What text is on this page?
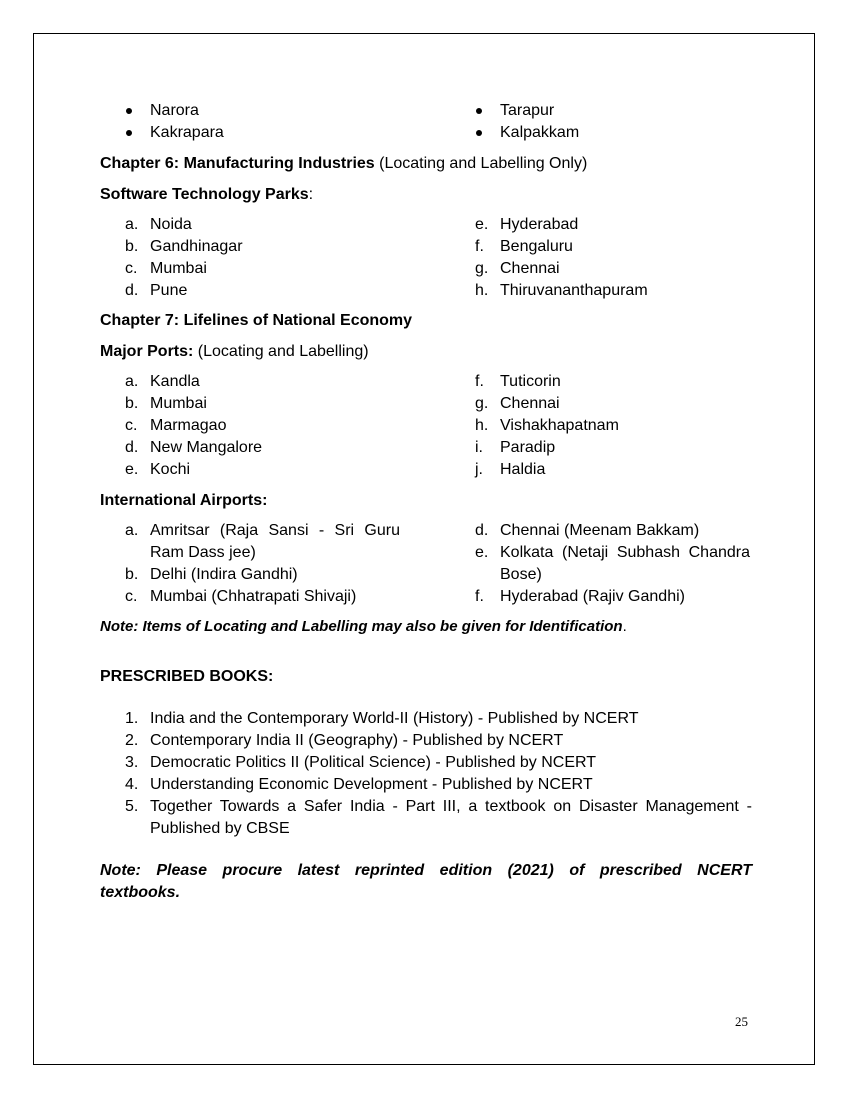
Narora
Kakrapara
Tarapur
Kalpakkam
Chapter 6: Manufacturing Industries (Locating and Labelling Only)
Software Technology Parks:
a. Noida
b. Gandhinagar
c. Mumbai
d. Pune
e. Hyderabad
f. Bengaluru
g. Chennai
h. Thiruvananthapuram
Chapter 7: Lifelines of National Economy
Major Ports: (Locating and Labelling)
a. Kandla
b. Mumbai
c. Marmagao
d. New Mangalore
e. Kochi
f. Tuticorin
g. Chennai
h. Vishakhapatnam
i. Paradip
j. Haldia
International Airports:
a. Amritsar (Raja Sansi - Sri Guru
Ram Dass jee)
b. Delhi (Indira Gandhi)
c. Mumbai (Chhatrapati Shivaji)
d. Chennai (Meenam Bakkam)
e. Kolkata (Netaji Subhash Chandra
Bose)
f. Hyderabad (Rajiv Gandhi)
Note: Items of Locating and Labelling may also be given for Identification.
PRESCRIBED BOOKS:
1. India and the Contemporary World-II (History) - Published by NCERT
2. Contemporary India II (Geography) - Published by NCERT
3. Democratic Politics II (Political Science) - Published by NCERT
4. Understanding Economic Development - Published by NCERT
5. Together Towards a Safer India - Part III, a textbook on Disaster Management -
Published by CBSE
Note: Please procure latest reprinted edition (2021) of prescribed NCERT
textbooks.
25
